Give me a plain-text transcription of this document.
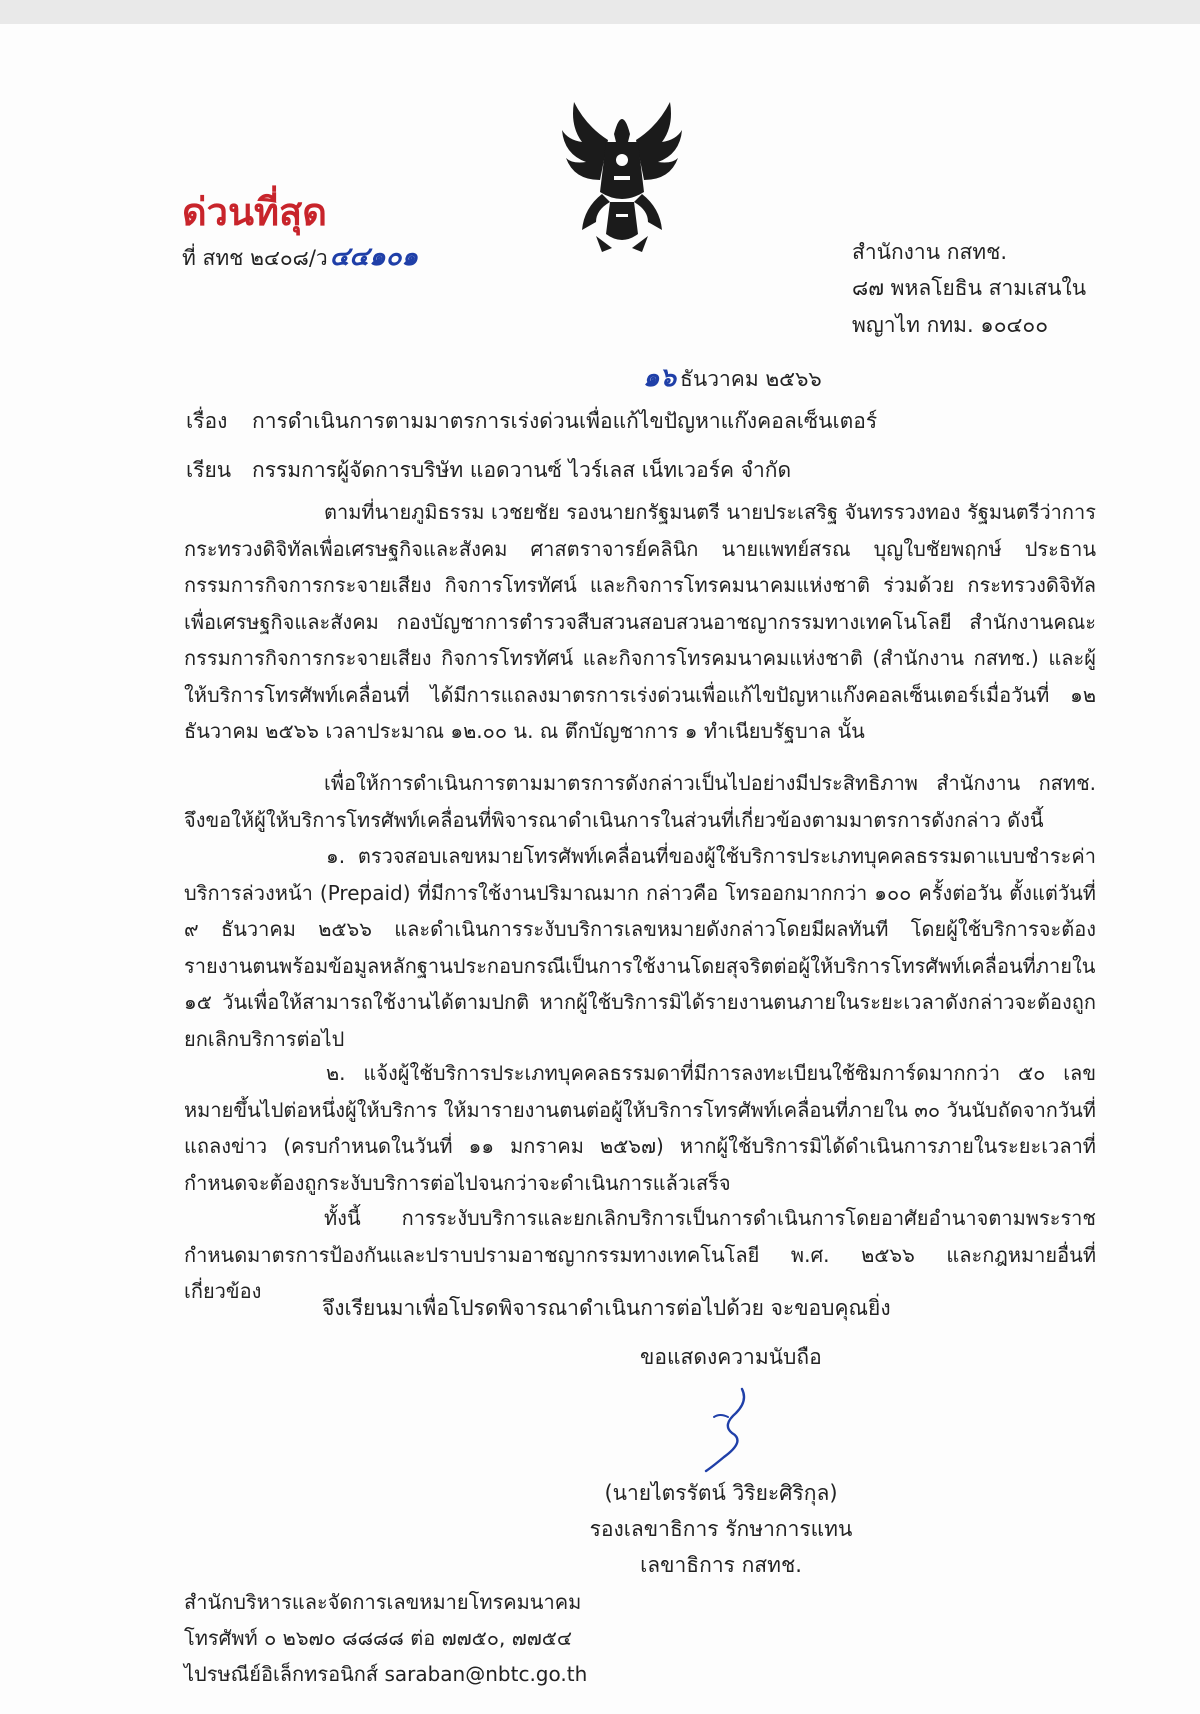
ด่วนที่สุด
ที่ สทช ๒๔๐๘/ว๔๔๑๐๑	สำนักงาน กสทช.
๘๗ พหลโยธิน สามเสนใน
พญาไท กทม. ๑๐๔๐๐
๑๖ ธันวาคม ๒๕๖๖
เรื่อง การดำเนินการตามมาตรการเร่งด่วนเพื่อแก้ไขปัญหาแก๊งคอลเซ็นเตอร์
เรียน กรรมการผู้จัดการบริษัท แอดวานซ์ ไวร์เลส เน็ทเวอร์ค จำกัด

ตามที่นายภูมิธรรม เวชยชัย รองนายกรัฐมนตรี นายประเสริฐ จันทรรวงทอง รัฐมนตรีว่าการกระทรวงดิจิทัลเพื่อเศรษฐกิจและสังคม ศาสตราจารย์คลินิก นายแพทย์สรณ บุญใบชัยพฤกษ์ ประธานกรรมการกิจการกระจายเสียง กิจการโทรทัศน์ และกิจการโทรคมนาคมแห่งชาติ ร่วมด้วย กระทรวงดิจิทัลเพื่อเศรษฐกิจและสังคม กองบัญชาการตำรวจสืบสวนสอบสวนอาชญากรรมทางเทคโนโลยี สำนักงานคณะกรรมการกิจการกระจายเสียง กิจการโทรทัศน์ และกิจการโทรคมนาคมแห่งชาติ (สำนักงาน กสทช.) และผู้ให้บริการโทรศัพท์เคลื่อนที่ ได้มีการแถลงมาตรการเร่งด่วนเพื่อแก้ไขปัญหาแก๊งคอลเซ็นเตอร์เมื่อวันที่ ๑๒ ธันวาคม ๒๕๖๖ เวลาประมาณ ๑๒.๐๐ น. ณ ตึกบัญชาการ ๑ ทำเนียบรัฐบาล นั้น

เพื่อให้การดำเนินการตามมาตรการดังกล่าวเป็นไปอย่างมีประสิทธิภาพ สำนักงาน กสทช. จึงขอให้ผู้ให้บริการโทรศัพท์เคลื่อนที่พิจารณาดำเนินการในส่วนที่เกี่ยวข้องตามมาตรการดังกล่าว ดังนี้

๑. ตรวจสอบเลขหมายโทรศัพท์เคลื่อนที่ของผู้ใช้บริการประเภทบุคคลธรรมดาแบบชำระค่าบริการล่วงหน้า (Prepaid) ที่มีการใช้งานปริมาณมาก กล่าวคือ โทรออกมากกว่า ๑๐๐ ครั้งต่อวัน ตั้งแต่วันที่ ๙ ธันวาคม ๒๕๖๖ และดำเนินการระงับบริการเลขหมายดังกล่าวโดยมีผลทันที โดยผู้ใช้บริการจะต้องรายงานตนพร้อมข้อมูลหลักฐานประกอบกรณีเป็นการใช้งานโดยสุจริตต่อผู้ให้บริการโทรศัพท์เคลื่อนที่ภายใน ๑๕ วันเพื่อให้สามารถใช้งานได้ตามปกติ หากผู้ใช้บริการมิได้รายงานตนภายในระยะเวลาดังกล่าวจะต้องถูกยกเลิกบริการต่อไป

๒. แจ้งผู้ใช้บริการประเภทบุคคลธรรมดาที่มีการลงทะเบียนใช้ซิมการ์ดมากกว่า ๕๐ เลขหมายขึ้นไปต่อหนึ่งผู้ให้บริการ ให้มารายงานตนต่อผู้ให้บริการโทรศัพท์เคลื่อนที่ภายใน ๓๐ วันนับถัดจากวันที่แถลงข่าว (ครบกำหนดในวันที่ ๑๑ มกราคม ๒๕๖๗) หากผู้ใช้บริการมิได้ดำเนินการภายในระยะเวลาที่กำหนดจะต้องถูกระงับบริการต่อไปจนกว่าจะดำเนินการแล้วเสร็จ

ทั้งนี้ การระงับบริการและยกเลิกบริการเป็นการดำเนินการโดยอาศัยอำนาจตามพระราชกำหนดมาตรการป้องกันและปราบปรามอาชญากรรมทางเทคโนโลยี พ.ศ. ๒๕๖๖ และกฎหมายอื่นที่เกี่ยวข้อง

จึงเรียนมาเพื่อโปรดพิจารณาดำเนินการต่อไปด้วย จะขอบคุณยิ่ง
ขอแสดงความนับถือ
(นายไตรรัตน์ วิริยะศิริกุล)
รองเลขาธิการ รักษาการแทน
เลขาธิการ กสทช.
สำนักบริหารและจัดการเลขหมายโทรคมนาคม
โทรศัพท์ ๐ ๒๖๗๐ ๘๘๘๘ ต่อ ๗๗๕๐, ๗๗๕๔
ไปรษณีย์อิเล็กทรอนิกส์ saraban@nbtc.go.th
